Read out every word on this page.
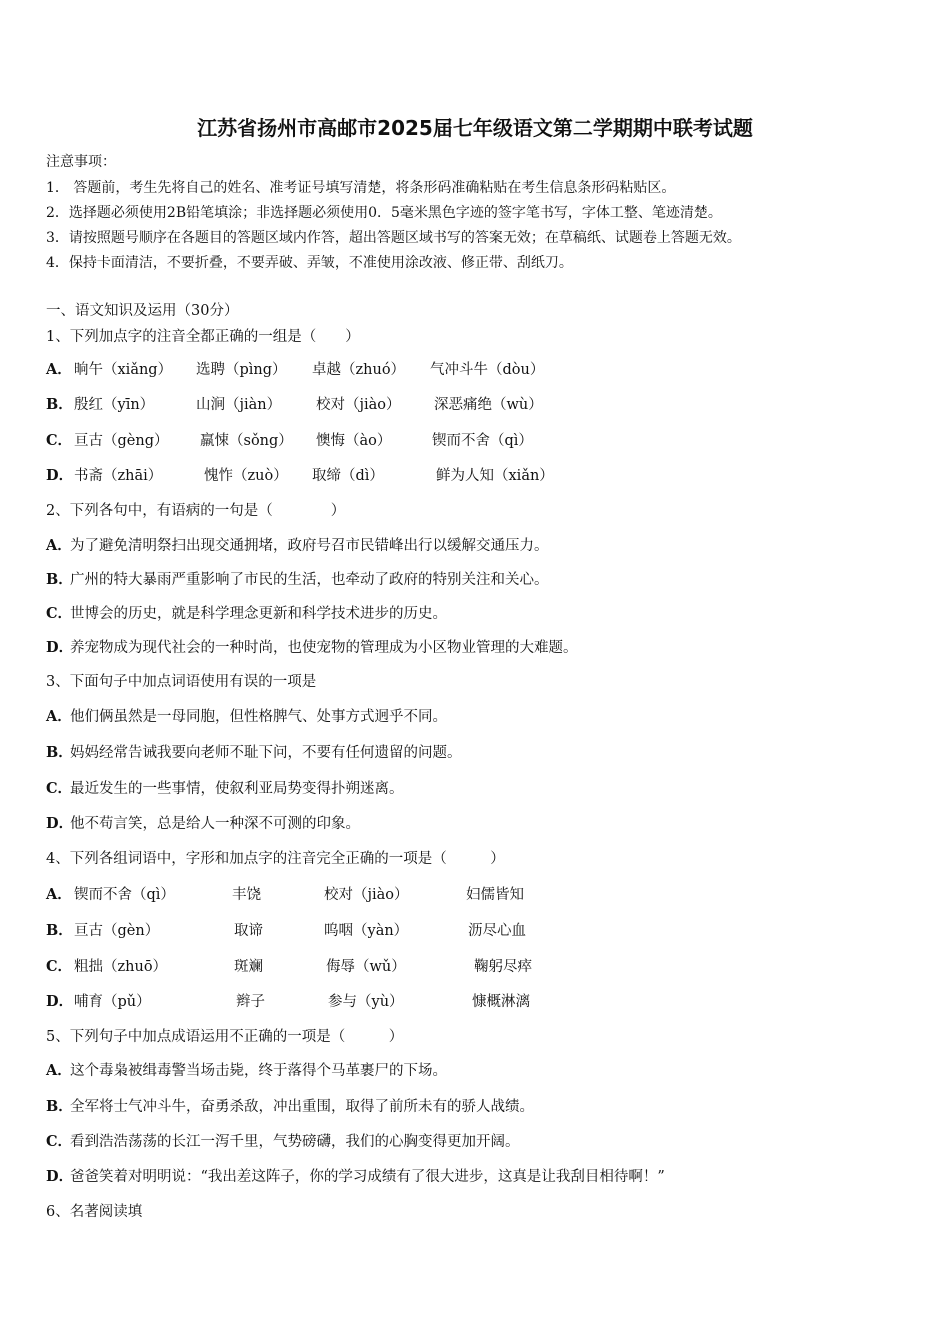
江苏省扬州市高邮市2025届七年级语文第二学期期中联考试题
注意事项：
1． 答题前，考生先将自己的姓名、准考证号填写清楚，将条形码准确粘贴在考生信息条形码粘贴区。
2．选择题必须使用2B铅笔填涂；非选择题必须使用0．5毫米黑色字迹的签字笔书写，字体工整、笔迹清楚。
3．请按照题号顺序在各题目的答题区域内作答，超出答题区域书写的答案无效；在草稿纸、试题卷上答题无效。
4．保持卡面清洁，不要折叠，不要弄破、弄皱，不准使用涂改液、修正带、刮纸刀。
一、语文知识及运用（30分）
1、下列加点字的注音全都正确的一组是（　　）
A． 晌午（xiǎng） 选聘（pìng） 卓越（zhuó） 气冲斗牛（dòu）
B． 殷红（yīn）	山涧（jiàn） 校对（jiào） 深恶痛绝（wù）
C． 亘古（gèng） 羸悚（sǒng） 懊悔（ào）	锲而不舍（qì）
D． 书斋（zhāi）	愧怍（zuò） 取缔（dì）	鲜为人知（xiǎn）
2、下列各句中，有语病的一句是（　　　　）
A．为了避免清明祭扫出现交通拥堵，政府号召市民错峰出行以缓解交通压力。
B．广州的特大暴雨严重影响了市民的生活，也牵动了政府的特别关注和关心。
C．世博会的历史，就是科学理念更新和科学技术进步的历史。
D．养宠物成为现代社会的一种时尚，也使宠物的管理成为小区物业管理的大难题。
3、下面句子中加点词语使用有误的一项是
A．他们俩虽然是一母同胞，但性格脾气、处事方式迥乎不同。
B．妈妈经常告诫我要向老师不耻下问，不要有任何遗留的问题。
C．最近发生的一些事情，使叙利亚局势变得扑朔迷离。
D．他不苟言笑，总是给人一种深不可测的印象。
4、下列各组词语中，字形和加点字的注音完全正确的一项是（　　　）
A． 锲而不舍（qì）	丰饶	校对（jiào）	妇儒皆知
B． 亘古（gèn）	取谛	呜咽（yàn）	沥尽心血
C． 粗拙（zhuō）	斑斓	侮辱（wǔ）	鞠躬尽瘁
D． 哺育（pǔ）	辫子	参与（yù）	慷概淋漓
5、下列句子中加点成语运用不正确的一项是（　　　）
A．这个毒枭被缉毒警当场击毙，终于落得个马革裹尸的下场。
B．全军将士气冲斗牛，奋勇杀敌，冲出重围，取得了前所未有的骄人战绩。
C．看到浩浩荡荡的长江一泻千里，气势磅礴，我们的心胸变得更加开阔。
D．爸爸笑着对明明说：“我出差这阵子，你的学习成绩有了很大进步，这真是让我刮目相待啊！”
6、名著阅读填
